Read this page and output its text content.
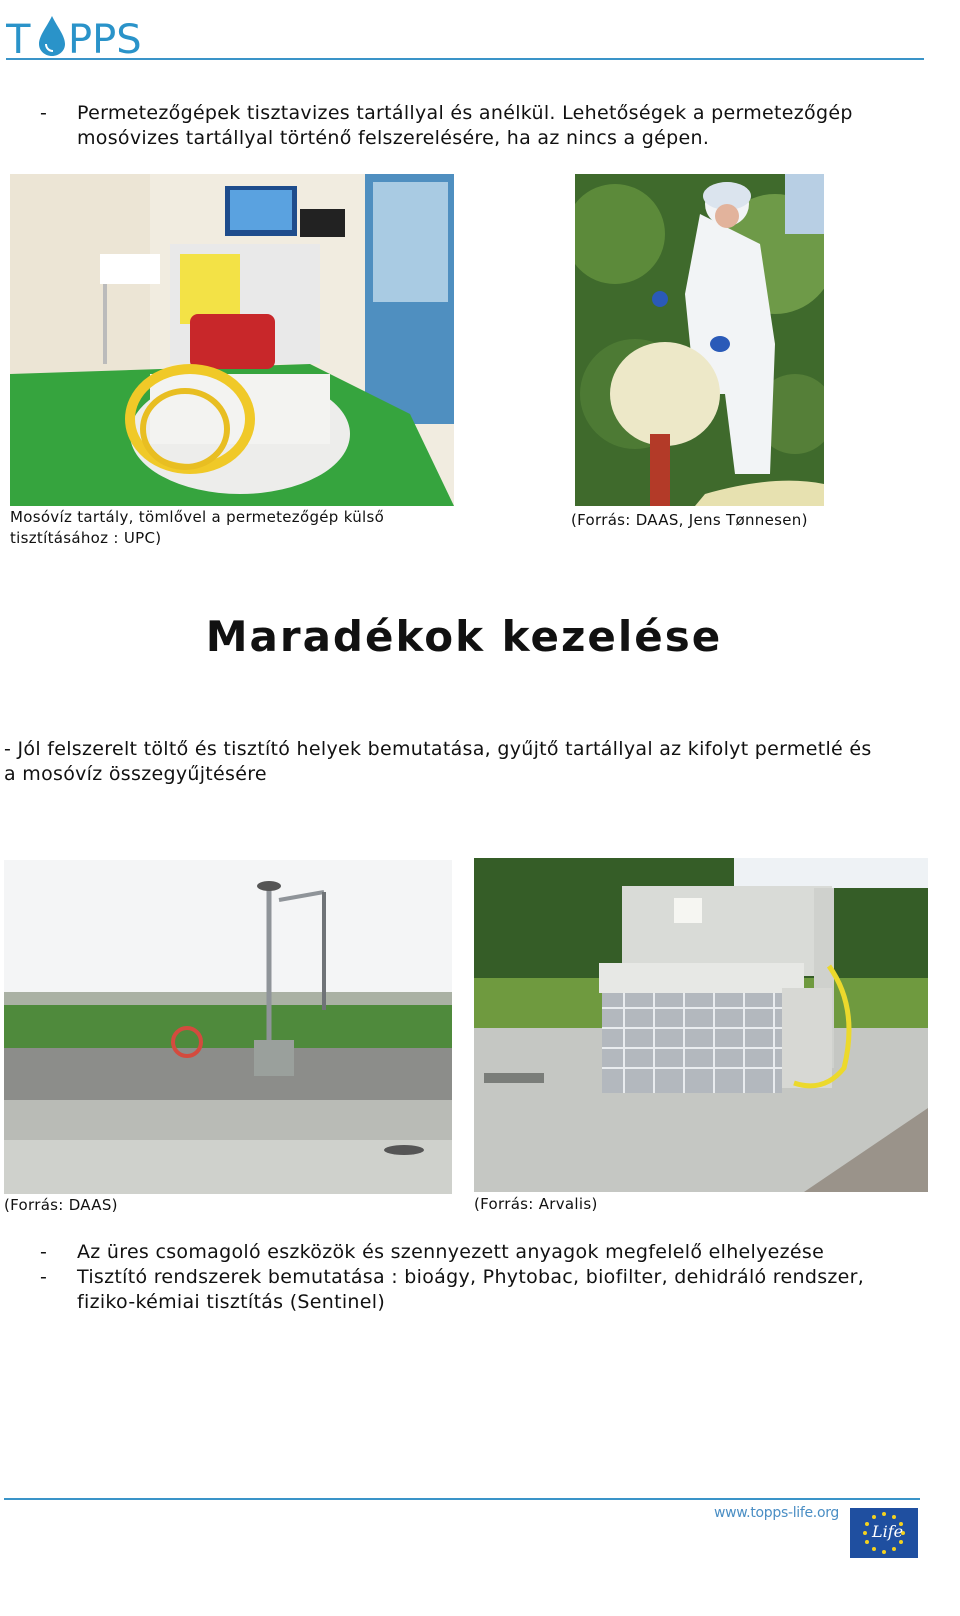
T PPS
- Permetezőgépek tisztavizes tartállyal és anélkül. Lehetőségek a permetezőgép
mosóvizes tartállyal történő felszerelésére, ha az nincs a gépen.
Mosóvíz tartály, tömlővel a permetezőgép külső
tisztításához : UPC)
(Forrás: DAAS, Jens Tønnesen)
Maradékok kezelése
- Jól felszerelt töltő és tisztító helyek bemutatása, gyűjtő tartállyal az kifolyt permetlé és
a mosóvíz összegyűjtésére
(Forrás: DAAS)	(Forrás: Arvalis)
- Az üres csomagoló eszközök és szennyezett anyagok megfelelő elhelyezése
- Tisztító rendszerek bemutatása : bioágy, Phytobac, biofilter, dehidráló rendszer,
fiziko-kémiai tisztítás (Sentinel)
www.topps-life.org
Life
